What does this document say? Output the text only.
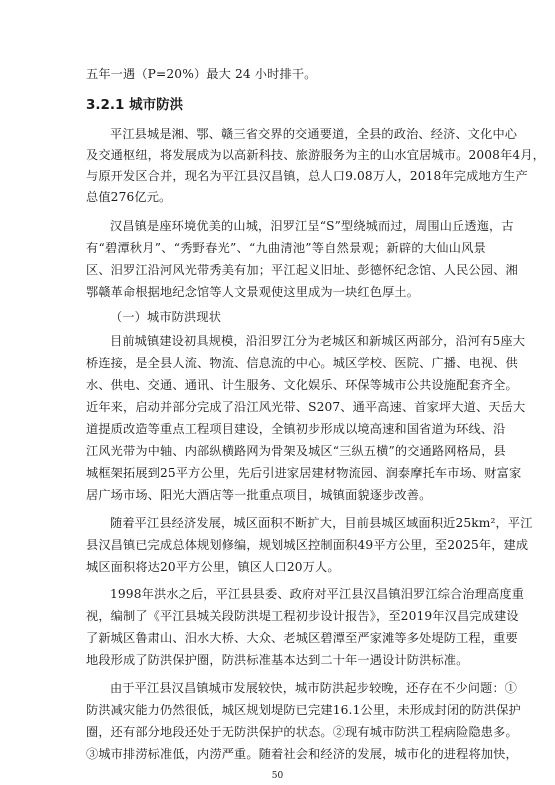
五年一遇（P=20%）最大 24 小时排干。
3.2.1 城市防洪
平江县城是湘、鄂、赣三省交界的交通要道，全县的政治、经济、文化中心
及交通枢纽，将发展成为以高新科技、旅游服务为主的山水宜居城市。2008年4月，
与原开发区合并，现名为平江县汉昌镇，总人口9.08万人，2018年完成地方生产
总值276亿元。
汉昌镇是座环境优美的山城，汨罗江呈“S”型绕城而过，周围山丘透迤，古
有“碧潭秋月”、“秀野春光”、“九曲清池”等自然景观；新辟的大仙山风景
区、汨罗江沿河风光带秀美有加；平江起义旧址、彭德怀纪念馆、人民公园、湘
鄂赣革命根据地纪念馆等人文景观使这里成为一块红色厚土。
（一）城市防洪现状
目前城镇建设初具规模，沿汨罗江分为老城区和新城区两部分，沿河有5座大
桥连接，是全县人流、物流、信息流的中心。城区学校、医院、广播、电视、供
水、供电、交通、通讯、计生服务、文化娱乐、环保等城市公共设施配套齐全。
近年来，启动并部分完成了沿江风光带、S207、通平高速、首家坪大道、天岳大
道提质改造等重点工程项目建设，全镇初步形成以境高速和国省道为环线、沿
江风光带为中轴、内部纵横路网为骨架及城区“三纵五横”的交通路网格局，县
城框架拓展到25平方公里，先后引进家居建材物流园、润泰摩托车市场、财富家
居广场市场、阳光大酒店等一批重点项目，城镇面貌逐步改善。
随着平江县经济发展，城区面积不断扩大，目前县城区域面积近25km²，平江
县汉昌镇已完成总体规划修编，规划城区控制面积49平方公里，至2025年，建成
城区面积将达20平方公里，镇区人口20万人。
1998年洪水之后，平江县县委、政府对平江县汉昌镇汨罗江综合治理高度重
视，编制了《平江县城关段防洪堤工程初步设计报告》，至2019年汉昌完成建设
了新城区鲁肃山、汨水大桥、大众、老城区碧潭至严家滩等多处堤防工程，重要
地段形成了防洪保护圈，防洪标准基本达到二十年一遇设计防洪标准。
由于平江县汉昌镇城市发展较快，城市防洪起步较晚，还存在不少问题：①
防洪减灾能力仍然很低，城区规划堤防已完建16.1公里，未形成封闭的防洪保护
圈，还有部分地段还处于无防洪保护的状态。②现有城市防洪工程病险隐患多。
③城市排涝标准低，内涝严重。随着社会和经济的发展，城市化的进程将加快，
50
